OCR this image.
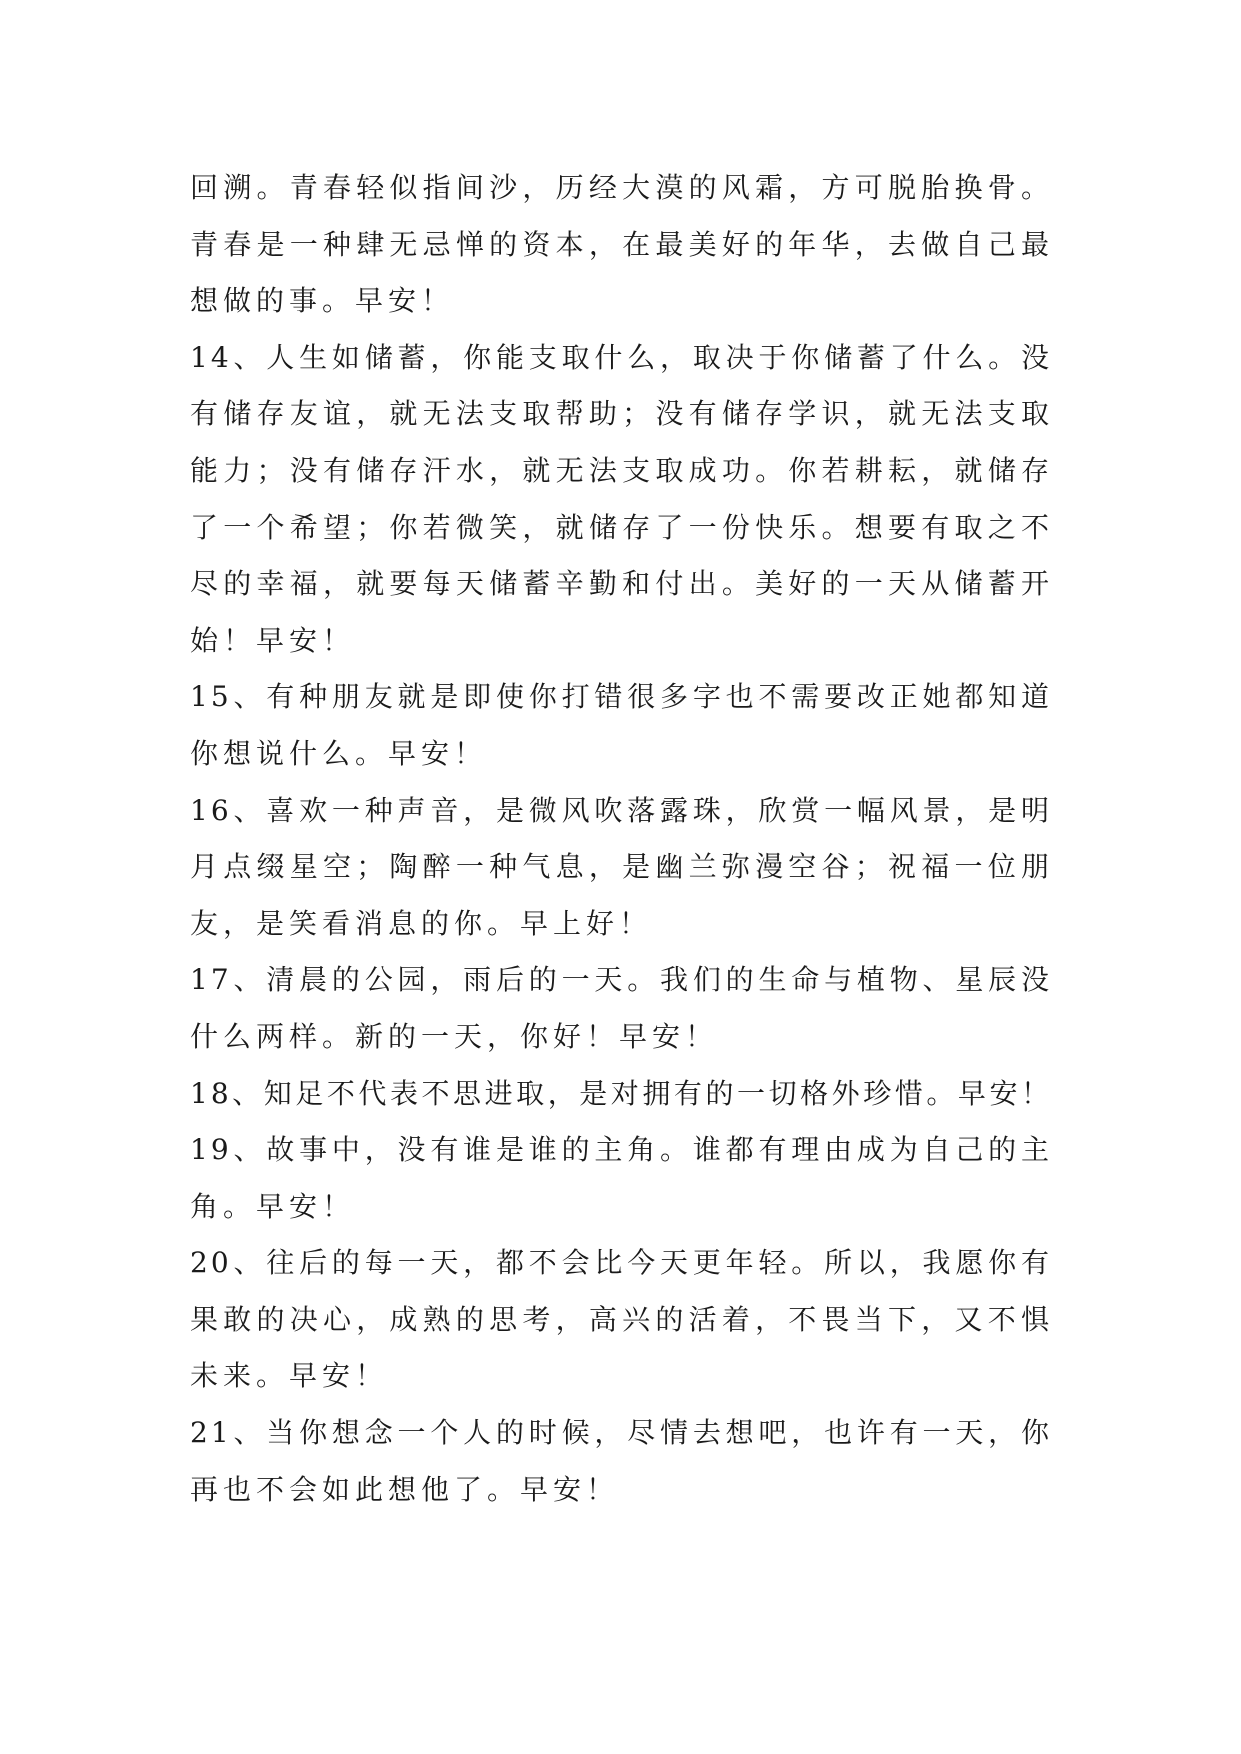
回溯。青春轻似指间沙，历经大漠的风霜，方可脱胎换骨。
青春是一种肆无忌惮的资本，在最美好的年华，去做自己最
想做的事。早安！
14、人生如储蓄，你能支取什么，取决于你储蓄了什么。没
有储存友谊，就无法支取帮助；没有储存学识，就无法支取
能力；没有储存汗水，就无法支取成功。你若耕耘，就储存
了一个希望；你若微笑，就储存了一份快乐。想要有取之不
尽的幸福，就要每天储蓄辛勤和付出。美好的一天从储蓄开
始！早安！
15、有种朋友就是即使你打错很多字也不需要改正她都知道
你想说什么。早安！
16、喜欢一种声音，是微风吹落露珠，欣赏一幅风景，是明
月点缀星空；陶醉一种气息，是幽兰弥漫空谷；祝福一位朋
友，是笑看消息的你。早上好！
17、清晨的公园，雨后的一天。我们的生命与植物、星辰没
什么两样。新的一天，你好！早安！
18、知足不代表不思进取，是对拥有的一切格外珍惜。早安！
19、故事中，没有谁是谁的主角。谁都有理由成为自己的主
角。早安！
20、往后的每一天，都不会比今天更年轻。所以，我愿你有
果敢的决心，成熟的思考，高兴的活着，不畏当下，又不惧
未来。早安！
21、当你想念一个人的时候，尽情去想吧，也许有一天，你
再也不会如此想他了。早安！
